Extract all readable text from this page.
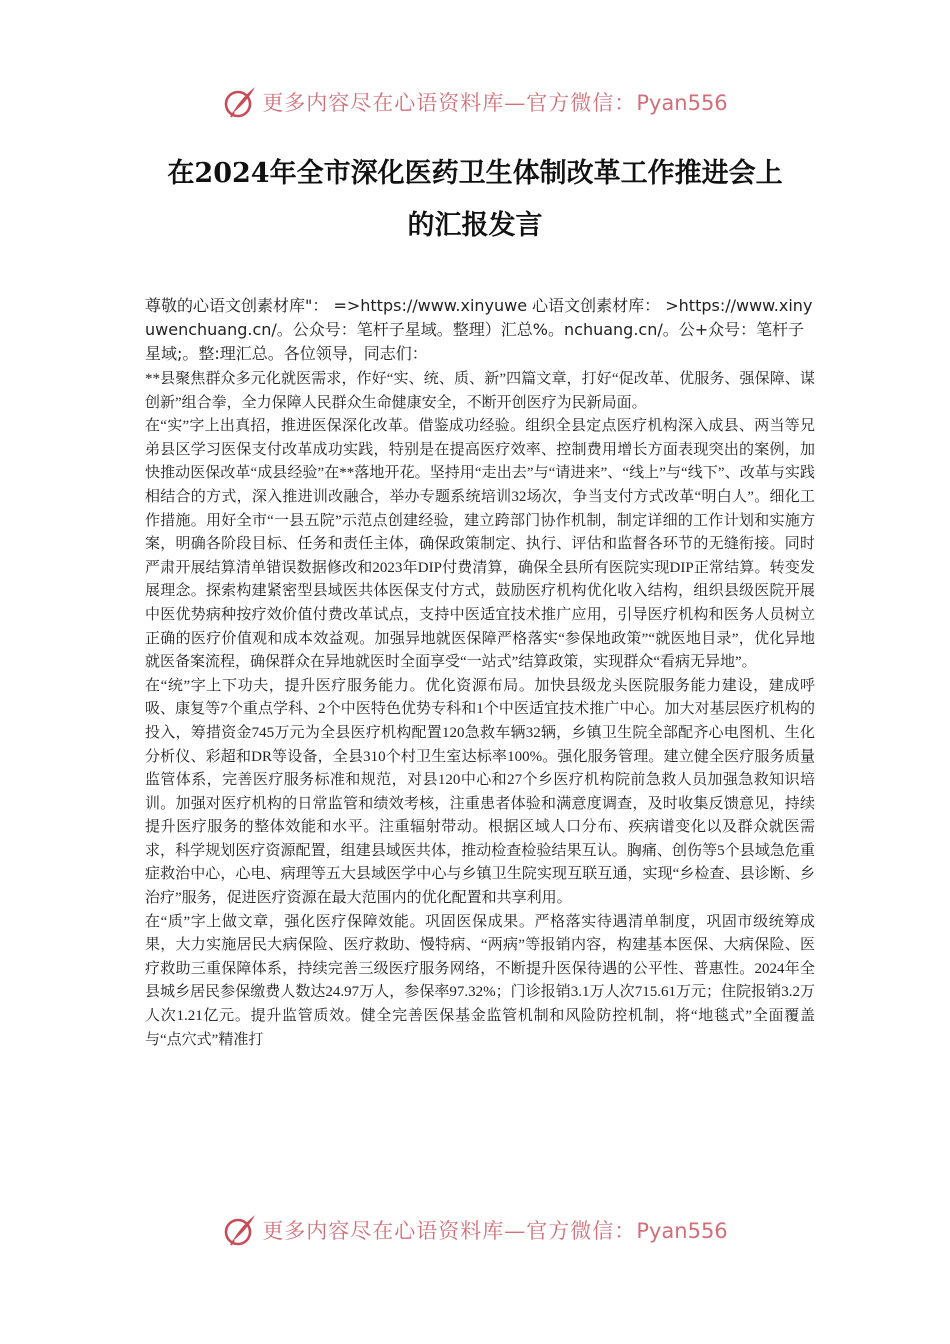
更多内容尽在心语资料库—官方微信：Pyan556
在2024年全市深化医药卫生体制改革工作推进会上
的汇报发言

尊敬的心语文创素材库"： =>https://www.xinyuwe 心语文创素材库： >https://www.xinyuwenchuang.cn/。公众号：笔杆子星域。整理）汇总%。nchuang.cn/。公+众号：笔杆子星域;。整:理汇总。各位领导，同志们：

**县聚焦群众多元化就医需求，作好“实、统、质、新”四篇文章，打好“促改革、优服务、强保障、谋创新”组合拳，全力保障人民群众生命健康安全，不断开创医疗为民新局面。

在“实”字上出真招，推进医保深化改革。借鉴成功经验。组织全县定点医疗机构深入成县、两当等兄弟县区学习医保支付改革成功实践，特别是在提高医疗效率、控制费用增长方面表现突出的案例，加快推动医保改革“成县经验”在**落地开花。坚持用“走出去”与“请进来”、“线上”与“线下”、改革与实践相结合的方式，深入推进训改融合，举办专题系统培训32场次，争当支付方式改革“明白人”。细化工作措施。用好全市“一县五院”示范点创建经验，建立跨部门协作机制，制定详细的工作计划和实施方案，明确各阶段目标、任务和责任主体，确保政策制定、执行、评估和监督各环节的无缝衔接。同时严肃开展结算清单错误数据修改和2023年DIP付费清算，确保全县所有医院实现DIP正常结算。转变发展理念。探索构建紧密型县域医共体医保支付方式，鼓励医疗机构优化收入结构，组织县级医院开展中医优势病种按疗效价值付费改革试点，支持中医适宜技术推广应用，引导医疗机构和医务人员树立正确的医疗价值观和成本效益观。加强异地就医保障严格落实“参保地政策”“就医地目录”，优化异地就医备案流程，确保群众在异地就医时全面享受“一站式”结算政策，实现群众“看病无异地”。

在“统”字上下功夫，提升医疗服务能力。优化资源布局。加快县级龙头医院服务能力建设，建成呼吸、康复等7个重点学科、2个中医特色优势专科和1个中医适宜技术推广中心。加大对基层医疗机构的投入，筹措资金745万元为全县医疗机构配置120急救车辆32辆，乡镇卫生院全部配齐心电图机、生化分析仪、彩超和DR等设备，全县310个村卫生室达标率100%。强化服务管理。建立健全医疗服务质量监管体系，完善医疗服务标准和规范，对县120中心和27个乡医疗机构院前急救人员加强急救知识培训。加强对医疗机构的日常监管和绩效考核，注重患者体验和满意度调查，及时收集反馈意见，持续提升医疗服务的整体效能和水平。注重辐射带动。根据区域人口分布、疾病谱变化以及群众就医需求，科学规划医疗资源配置，组建县域医共体，推动检查检验结果互认。胸痛、创伤等5个县域急危重症救治中心，心电、病理等五大县域医学中心与乡镇卫生院实现互联互通，实现“乡检查、县诊断、乡治疗”服务，促进医疗资源在最大范围内的优化配置和共享利用。

在“质”字上做文章，强化医疗保障效能。巩固医保成果。严格落实待遇清单制度，巩固市级统筹成果，大力实施居民大病保险、医疗救助、慢特病、“两病”等报销内容，构建基本医保、大病保险、医疗救助三重保障体系，持续完善三级医疗服务网络，不断提升医保待遇的公平性、普惠性。2024年全县城乡居民参保缴费人数达24.97万人，参保率97.32%；门诊报销3.1万人次715.61万元；住院报销3.2万人次1.21亿元。提升监管质效。健全完善医保基金监管机制和风险防控机制，将“地毯式”全面覆盖与“点穴式”精准打

更多内容尽在心语资料库—官方微信：Pyan556
